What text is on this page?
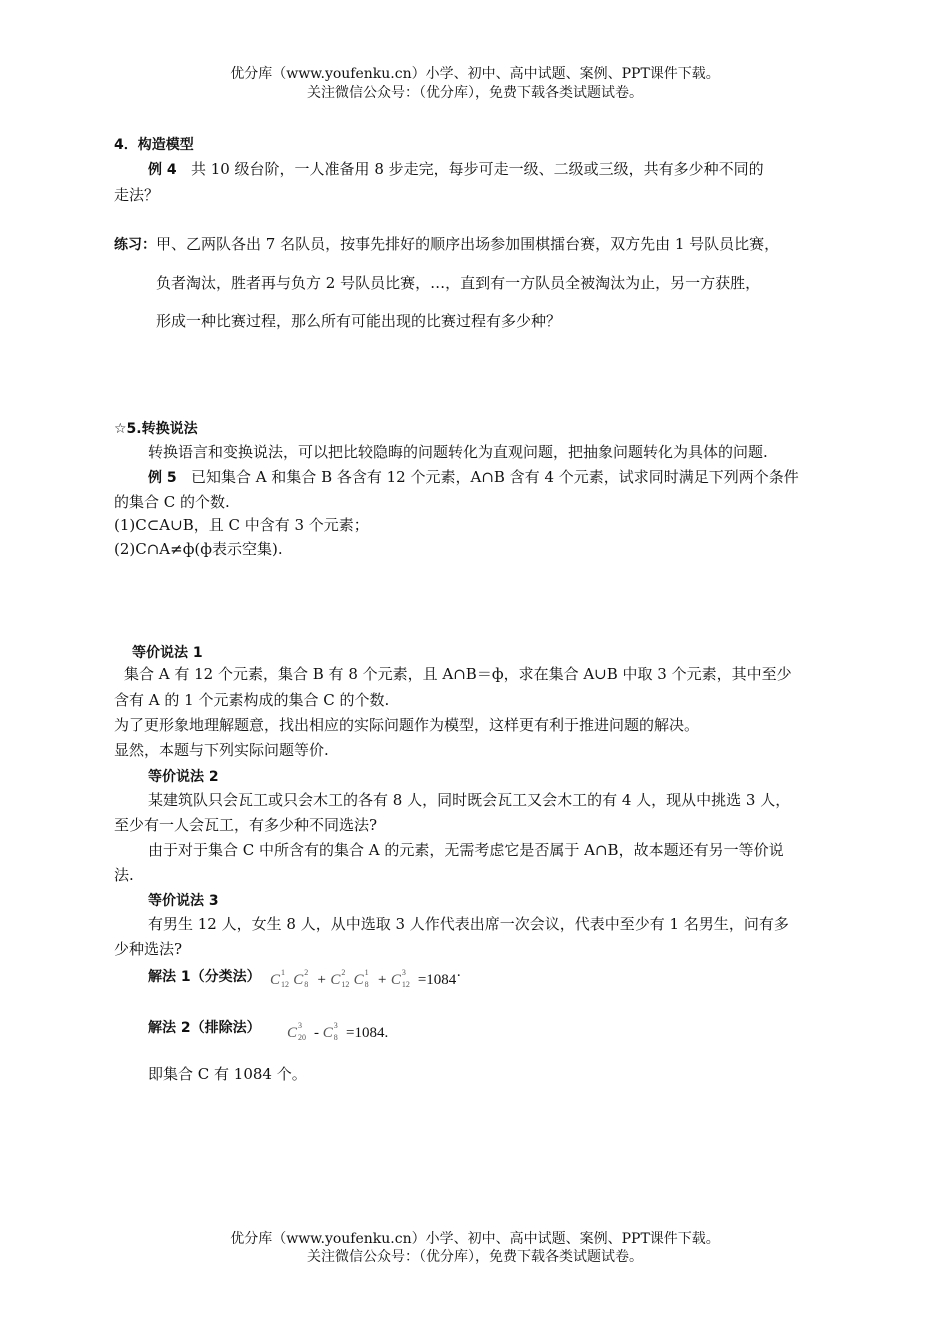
优分库（www.youfenku.cn）小学、初中、高中试题、案例、PPT课件下载。
关注微信公众号：（优分库），免费下载各类试题试卷。
4．构造模型
例 4 共 10 级台阶，一人准备用 8 步走完，每步可走一级、二级或三级，共有多少种不同的
走法？
练习：甲、乙两队各出 7 名队员，按事先排好的顺序出场参加围棋擂台赛，双方先由 1 号队员比赛，
负者淘汰，胜者再与负方 2 号队员比赛，…，直到有一方队员全被淘汰为止，另一方获胜，
形成一种比赛过程，那么所有可能出现的比赛过程有多少种？
☆5.转换说法
转换语言和变换说法，可以把比较隐晦的问题转化为直观问题，把抽象问题转化为具体的问题.
例 5 已知集合 A 和集合 B 各含有 12 个元素，A∩B 含有 4 个元素，试求同时满足下列两个条件
的集合 C 的个数.
(1)C⊂A∪B，且 C 中含有 3 个元素；
(2)C∩A≠ф(ф表示空集).
等价说法 1
集合 A 有 12 个元素，集合 B 有 8 个元素，且 A∩B＝ф，求在集合 A∪B 中取 3 个元素，其中至少
含有 A 的 1 个元素构成的集合 C 的个数.
为了更形象地理解题意，找出相应的实际问题作为模型，这样更有利于推进问题的解决。
显然，本题与下列实际问题等价.
等价说法 2
某建筑队只会瓦工或只会木工的各有 8 人，同时既会瓦工又会木工的有 4 人，现从中挑选 3 人，
至少有一人会瓦工，有多少种不同选法?
由于对于集合 C 中所含有的集合 A 的元素，无需考虑它是否属于 A∩B，故本题还有另一等价说
法.
等价说法 3
有男生 12 人，女生 8 人，从中选取 3 人作代表出席一次会议，代表中至少有 1 名男生，问有多
少种选法?
解法 1（分类法） C 1
12 C 2
8 + C 2
12 C 1
8 + C 3
12 =1084·
解法 2（排除法） C 3
20 - C 3
8 =1084.
即集合 C 有 1084 个。
优分库（www.youfenku.cn）小学、初中、高中试题、案例、PPT课件下载。
关注微信公众号：（优分库），免费下载各类试题试卷。
